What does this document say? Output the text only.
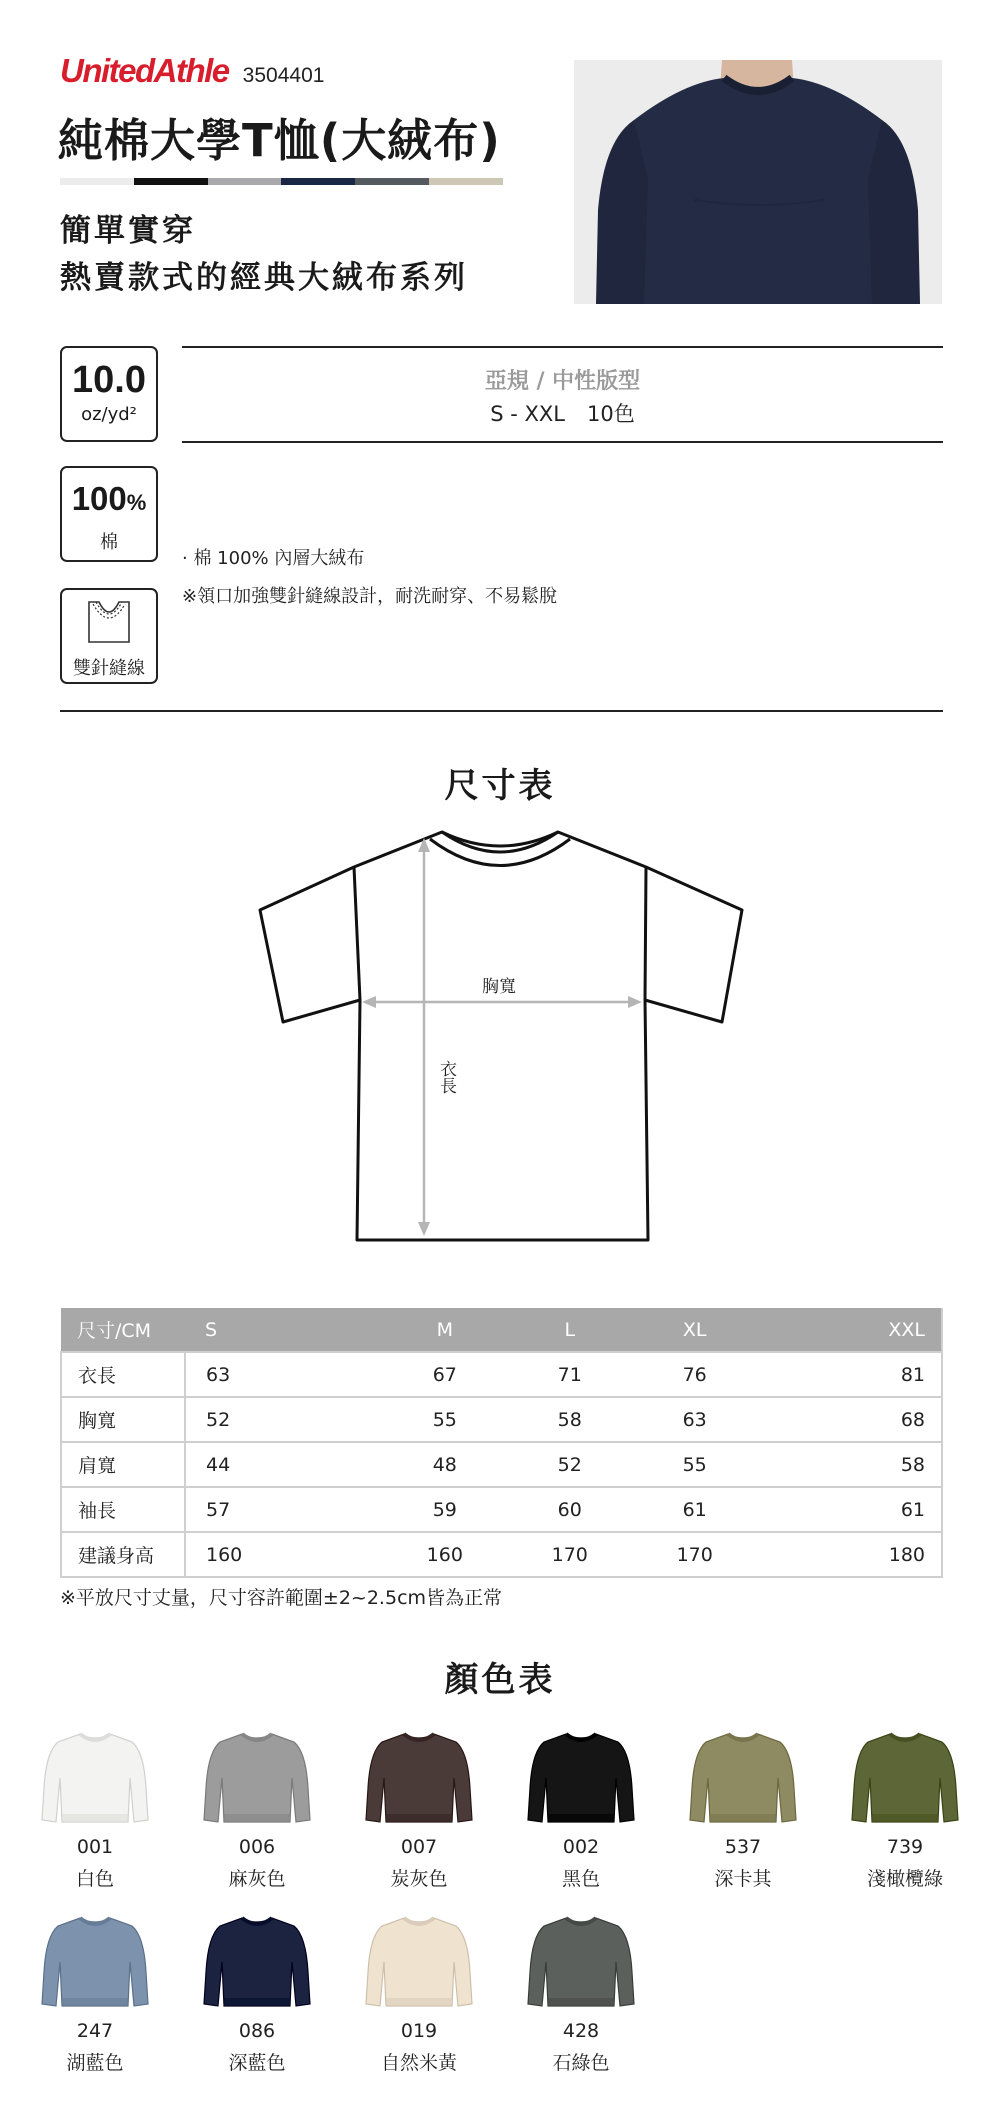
UnitedAthle 3504401
純棉大學T恤(大絨布)
簡單實穿
熱賣款式的經典大絨布系列
10.0
oz/yd²
100%
棉
雙針縫線
亞規 / 中性版型
S - XXL 10色
· 棉 100% 內層大絨布
※領口加強雙針縫線設計，耐洗耐穿、不易鬆脫
尺寸表
胸寬
衣長
尺寸/CM	S	M	L	XL	XXL
衣長	63	67	71	76	81
胸寬	52	55	58	63	68
肩寬	44	48	52	55	58
袖長	57	59	60	61	61
建議身高	160	160	170	170	180
※平放尺寸丈量，尺寸容許範圍±2~2.5cm皆為正常
顏色表
001
白色
006
麻灰色
007
炭灰色
002
黑色
537
深卡其
739
淺橄欖綠
247
湖藍色
086
深藍色
019
自然米黃
428
石綠色
